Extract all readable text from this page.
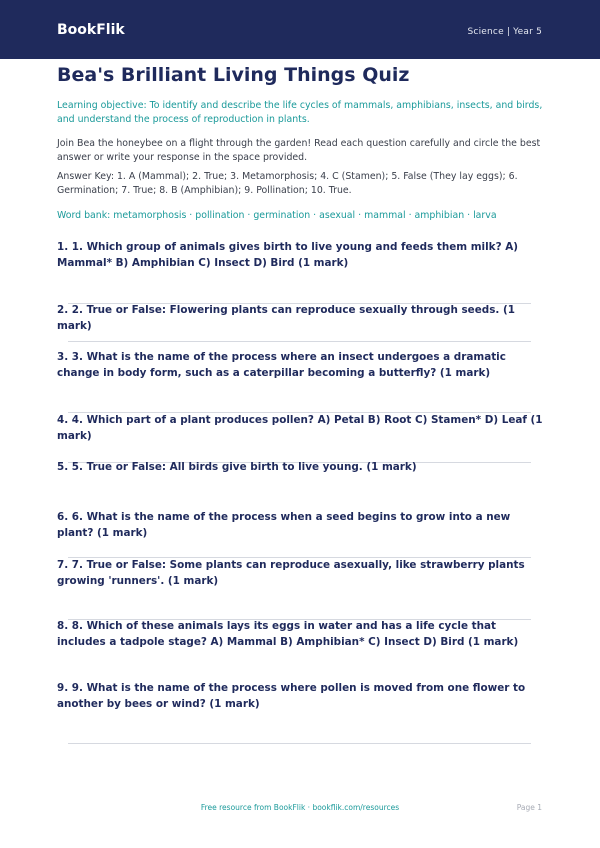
BookFlik	Science | Year 5
Bea's Brilliant Living Things Quiz

Learning objective: To identify and describe the life cycles of mammals, amphibians, insects, and birds, and understand the process of reproduction in plants.

Join Bea the honeybee on a flight through the garden! Read each question carefully and circle the best answer or write your response in the space provided.

Answer Key: 1. A (Mammal); 2. True; 3. Metamorphosis; 4. C (Stamen); 5. False (They lay eggs); 6. Germination; 7. True; 8. B (Amphibian); 9. Pollination; 10. True.

Word bank: metamorphosis · pollination · germination · asexual · mammal · amphibian · larva

1. 1. Which group of animals gives birth to live young and feeds them milk? A) Mammal* B) Amphibian C) Insect D) Bird (1 mark)

2. 2. True or False: Flowering plants can reproduce sexually through seeds. (1 mark)

3. 3. What is the name of the process where an insect undergoes a dramatic change in body form, such as a caterpillar becoming a butterfly? (1 mark)

4. 4. Which part of a plant produces pollen? A) Petal B) Root C) Stamen* D) Leaf (1 mark)

5. 5. True or False: All birds give birth to live young. (1 mark)

6. 6. What is the name of the process when a seed begins to grow into a new plant? (1 mark)

7. 7. True or False: Some plants can reproduce asexually, like strawberry plants growing 'runners'. (1 mark)

8. 8. Which of these animals lays its eggs in water and has a life cycle that includes a tadpole stage? A) Mammal B) Amphibian* C) Insect D) Bird (1 mark)

9. 9. What is the name of the process where pollen is moved from one flower to another by bees or wind? (1 mark)

Free resource from BookFlik · bookflik.com/resources	Page 1
